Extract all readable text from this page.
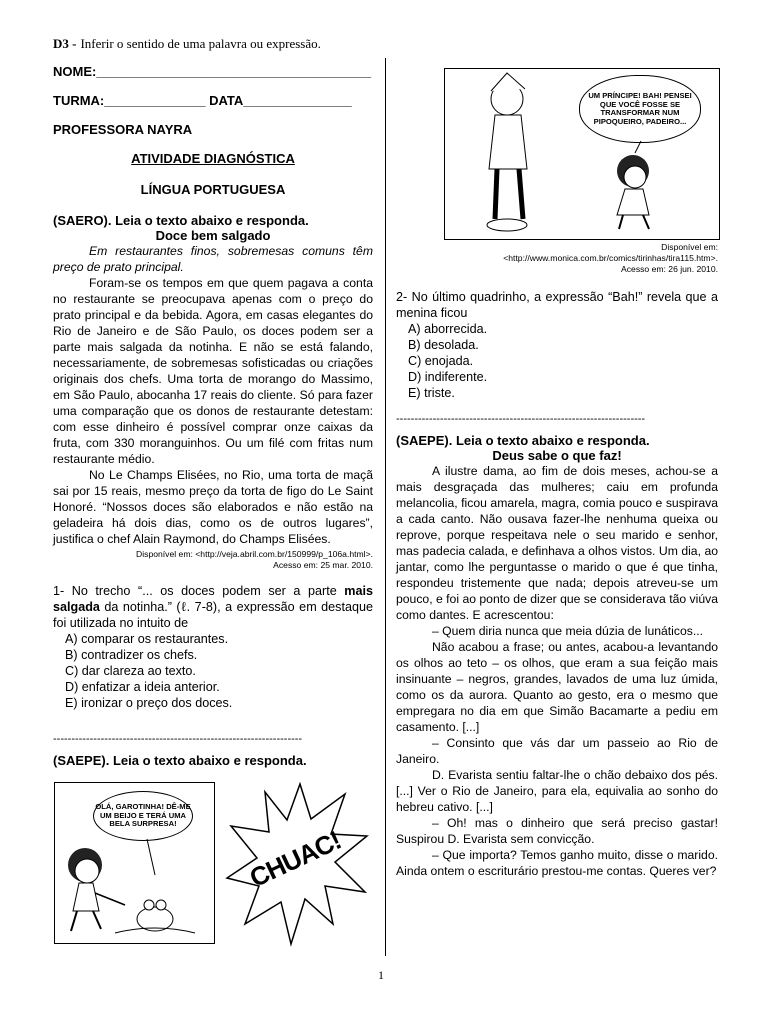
D3 - Inferir o sentido de uma palavra ou expressão.
NOME:______________________________________
TURMA:______________ DATA_______________
PROFESSORA NAYRA
ATIVIDADE DIAGNÓSTICA
LÍNGUA PORTUGUESA
(SAERO). Leia o texto abaixo e responda.
Doce bem salgado

Em restaurantes finos, sobremesas comuns têm preço de prato principal.

Foram-se os tempos em que quem pagava a conta no restaurante se preocupava apenas com o preço do prato principal e da bebida. Agora, em casas elegantes do Rio de Janeiro e de São Paulo, os doces podem ser a parte mais salgada da notinha. E não se está falando, necessariamente, de sobremesas sofisticadas ou criações originais dos chefs. Uma torta de morango do Massimo, em São Paulo, abocanha 17 reais do cliente. Só para fazer uma comparação que os donos de restaurante detestam: com esse dinheiro é possível comprar onze caixas da fruta, com 330 moranguinhos. Ou um filé com fritas num restaurante médio.

No Le Champs Elisées, no Rio, uma torta de maçã sai por 15 reais, mesmo preço da torta de figo do Le Saint Honoré. “Nossos doces são elaborados e não estão na geladeira há dois dias, como os de outros lugares”, justifica o chef Alain Raymond, do Champs Elisées.

Disponível em: <http://veja.abril.com.br/150999/p_106a.html>.
Acesso em: 25 mar. 2010.

1- No trecho “... os doces podem ser a parte mais salgada da notinha.” (ℓ. 7-8), a expressão em destaque foi utilizada no intuito de

A) comparar os restaurantes.

B) contradizer os chefs.

C) dar clareza ao texto.

D) enfatizar a ideia anterior.

E) ironizar o preço dos doces.

--------------------------------------------------------------------
(SAEPE). Leia o texto abaixo e responda.
OLÁ, GAROTINHA! DÊ-ME UM BEIJO E TERÁ UMA BELA SURPRESA!
CHUAC!
UM PRÍNCIPE! BAH! PENSEI QUE VOCÊ FOSSE SE TRANSFORMAR NUM PIPOQUEIRO, PADEIRO...
Disponível em:
<http://www.monica.com.br/comics/tirinhas/tira115.htm>.
Acesso em: 26 jun. 2010.

2- No último quadrinho, a expressão “Bah!” revela que a menina ficou

A) aborrecida.

B) desolada.

C) enojada.

D) indiferente.

E) triste.

--------------------------------------------------------------------
(SAEPE). Leia o texto abaixo e responda.
Deus sabe o que faz!

A ilustre dama, ao fim de dois meses, achou-se a mais desgraçada das mulheres; caiu em profunda melancolia, ficou amarela, magra, comia pouco e suspirava a cada canto. Não ousava fazer-lhe nenhuma queixa ou reprove, porque respeitava nele o seu marido e senhor, mas padecia calada, e definhava a olhos vistos. Um dia, ao jantar, como lhe perguntasse o marido o que é que tinha, respondeu tristemente que nada; depois atreveu-se um pouco, e foi ao ponto de dizer que se considerava tão viúva como dantes. E acrescentou:

– Quem diria nunca que meia dúzia de lunáticos...

Não acabou a frase; ou antes, acabou-a levantando os olhos ao teto – os olhos, que eram a sua feição mais insinuante – negros, grandes, lavados de uma luz úmida, como os da aurora. Quanto ao gesto, era o mesmo que empregara no dia em que Simão Bacamarte a pediu em casamento. [...]

– Consinto que vás dar um passeio ao Rio de Janeiro.

D. Evarista sentiu faltar-lhe o chão debaixo dos pés. [...] Ver o Rio de Janeiro, para ela, equivalia ao sonho do hebreu cativo. [...]

– Oh! mas o dinheiro que será preciso gastar! Suspirou D. Evarista sem convicção.

– Que importa? Temos ganho muito, disse o marido. Ainda ontem o escriturário prestou-me contas. Queres ver?

1
